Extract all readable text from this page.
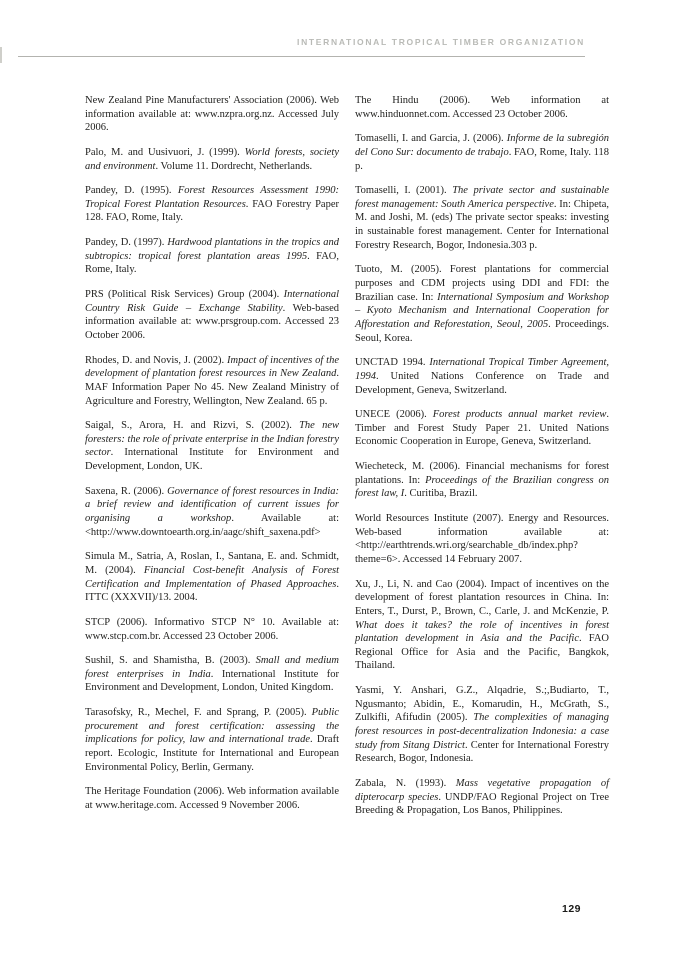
INTERNATIONAL TROPICAL TIMBER ORGANIZATION

New Zealand Pine Manufacturers' Association (2006). Web information available at: www.nzpra.org.nz. Accessed July 2006.

Palo, M. and Uusivuori, J. (1999). World forests, society and environment. Volume 11. Dordrecht, Netherlands.

Pandey, D. (1995). Forest Resources Assessment 1990: Tropical Forest Plantation Resources. FAO Forestry Paper 128. FAO, Rome, Italy.

Pandey, D. (1997). Hardwood plantations in the tropics and subtropics: tropical forest plantation areas 1995. FAO, Rome, Italy.

PRS (Political Risk Services) Group (2004). International Country Risk Guide – Exchange Stability. Web-based information available at: www.prsgroup.com. Accessed 23 October 2006.

Rhodes, D. and Novis, J. (2002). Impact of incentives of the development of plantation forest resources in New Zealand. MAF Information Paper No 45. New Zealand Ministry of Agriculture and Forestry, Wellington, New Zealand. 65 p.

Saigal, S., Arora, H. and Rizvi, S. (2002). The new foresters: the role of private enterprise in the Indian forestry sector. International Institute for Environment and Development, London, UK.

Saxena, R. (2006). Governance of forest resources in India: a brief review and identification of current issues for organising a workshop. Available at: <http://www.downtoearth.org.in/aagc/shift_saxena.pdf>

Simula M., Satria, A, Roslan, I., Santana, E. and. Schmidt, M. (2004). Financial Cost-benefit Analysis of Forest Certification and Implementation of Phased Approaches. ITTC (XXXVII)/13. 2004.

STCP (2006). Informativo STCP N° 10. Available at: www.stcp.com.br. Accessed 23 October 2006.

Sushil, S. and Shamistha, B. (2003). Small and medium forest enterprises in India. International Institute for Environment and Development, London, United Kingdom.

Tarasofsky, R., Mechel, F. and Sprang, P. (2005). Public procurement and forest certification: assessing the implications for policy, law and international trade. Draft report. Ecologic, Institute for International and European Environmental Policy, Berlin, Germany.

The Heritage Foundation (2006). Web information available at www.heritage.com. Accessed 9 November 2006.

The Hindu (2006). Web information at www.hinduonnet.com. Accessed 23 October 2006.

Tomaselli, I. and Garcia, J. (2006). Informe de la subregión del Cono Sur: documento de trabajo. FAO, Rome, Italy. 118 p.

Tomaselli, I. (2001). The private sector and sustainable forest management: South America perspective. In: Chipeta, M. and Joshi, M. (eds) The private sector speaks: investing in sustainable forest management. Center for International Forestry Research, Bogor, Indonesia.303 p.

Tuoto, M. (2005). Forest plantations for commercial purposes and CDM projects using DDI and FDI: the Brazilian case. In: International Symposium and Workshop – Kyoto Mechanism and International Cooperation for Afforestation and Reforestation, Seoul, 2005. Proceedings. Seoul, Korea.

UNCTAD 1994. International Tropical Timber Agreement, 1994. United Nations Conference on Trade and Development, Geneva, Switzerland.

UNECE (2006). Forest products annual market review. Timber and Forest Study Paper 21. United Nations Economic Cooperation in Europe, Geneva, Switzerland.

Wiecheteck, M. (2006). Financial mechanisms for forest plantations. In: Proceedings of the Brazilian congress on forest law, I. Curitiba, Brazil.

World Resources Institute (2007). Energy and Resources. Web-based information available at: <http://earthtrends.wri.org/searchable_db/index.php?theme=6>. Accessed 14 February 2007.

Xu, J., Li, N. and Cao (2004). Impact of incentives on the development of forest plantation resources in China. In: Enters, T., Durst, P., Brown, C., Carle, J. and McKenzie, P. What does it takes? the role of incentives in forest plantation development in Asia and the Pacific. FAO Regional Office for Asia and the Pacific, Bangkok, Thailand.

Yasmi, Y. Anshari, G.Z., Alqadrie, S.;,Budiarto, T., Ngusmanto; Abidin, E., Komarudin, H., McGrath, S., Zulkifli, Afifudin (2005). The complexities of managing forest resources in post-decentralization Indonesia: a case study from Sitang District. Center for International Forestry Research, Bogor, Indonesia.

Zabala, N. (1993). Mass vegetative propagation of dipterocarp species. UNDP/FAO Regional Project on Tree Breeding & Propagation, Los Banos, Philippines.

129
